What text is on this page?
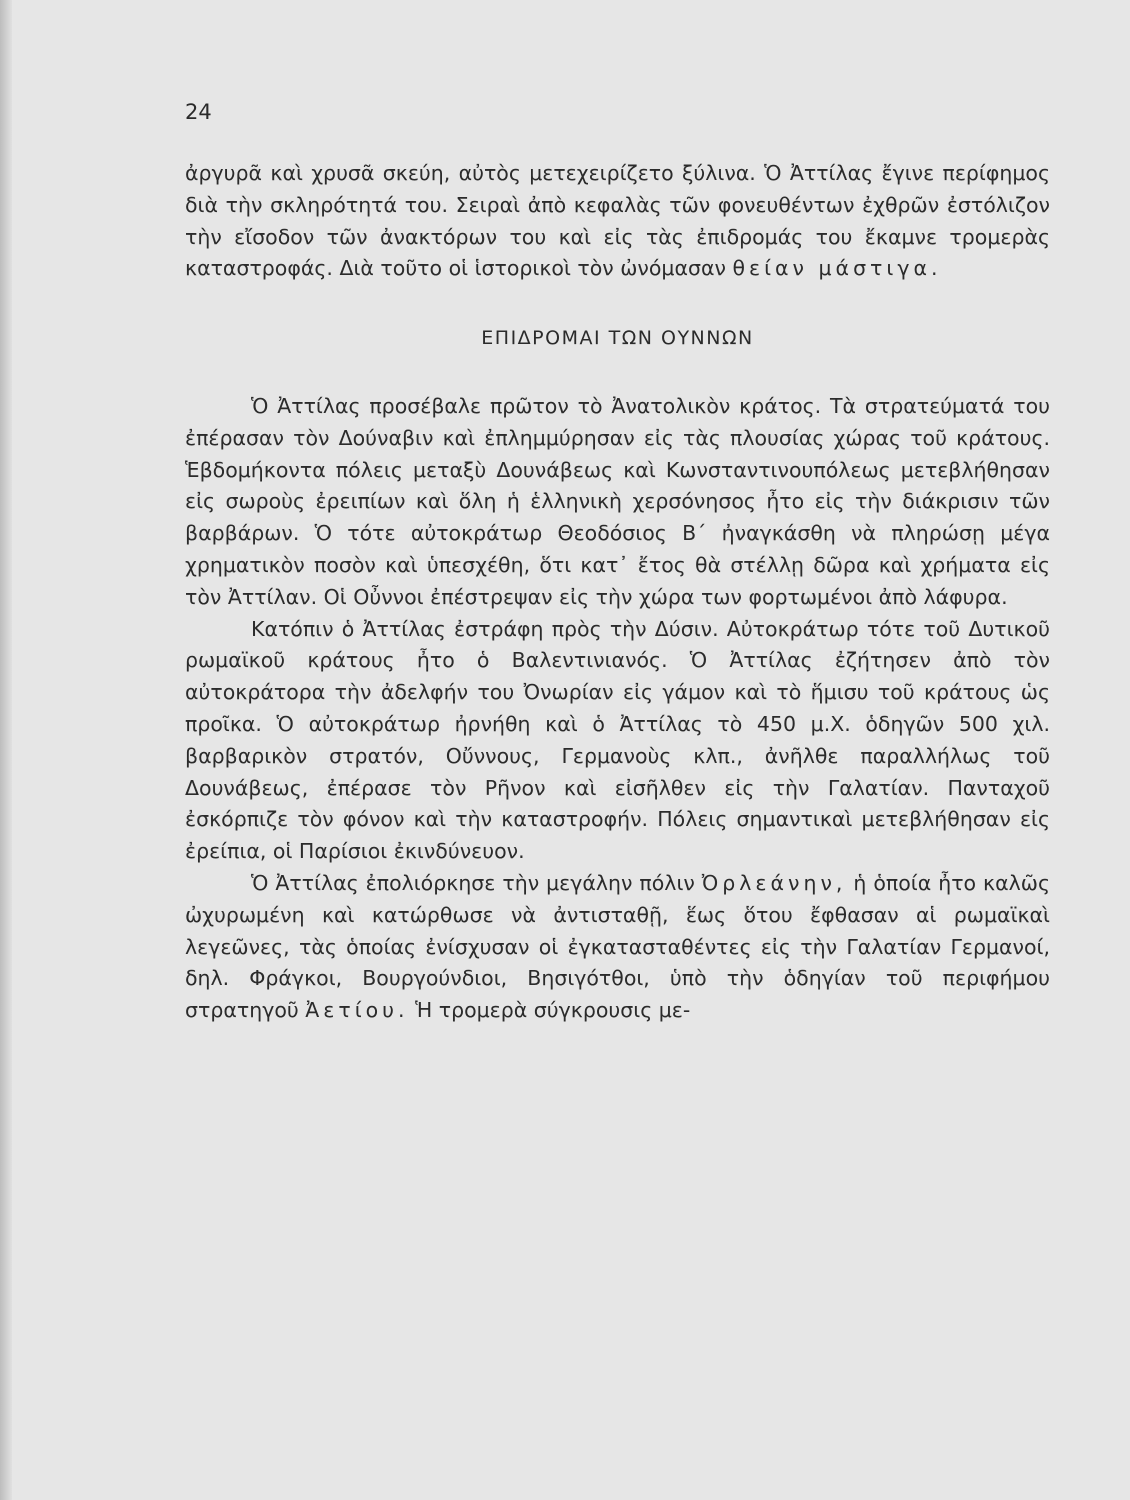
24

ἀργυρᾶ καὶ χρυσᾶ σκεύη, αὐτὸς μετεχειρίζετο ξύλινα. Ὁ Ἀττίλας ἔγινε περίφημος διὰ τὴν σκληρότητά του. Σειραὶ ἀπὸ κεφαλὰς τῶν φονευθέντων ἐχθρῶν ἐστόλιζον τὴν εἴσοδον τῶν ἀνακτόρων του καὶ εἰς τὰς ἐπιδρομάς του ἔκαμνε τρομερὰς καταστροφάς. Διὰ τοῦτο οἱ ἱστορικοὶ τὸν ὠνόμασαν θείαν μάστιγα.

ΕΠΙΔΡΟΜΑΙ ΤΩΝ ΟΥΝΝΩΝ

Ὁ Ἀττίλας προσέβαλε πρῶτον τὸ Ἀνατολικὸν κράτος. Τὰ στρατεύματά του ἐπέρασαν τὸν Δούναβιν καὶ ἐπλημμύρησαν εἰς τὰς πλουσίας χώρας τοῦ κράτους. Ἑβδομήκοντα πόλεις μεταξὺ Δουνάβεως καὶ Κωνσταντινουπόλεως μετεβλήθησαν εἰς σωροὺς ἐρειπίων καὶ ὅλη ἡ ἑλληνικὴ χερσόνησος ἦτο εἰς τὴν διάκρισιν τῶν βαρβάρων. Ὁ τότε αὐτοκράτωρ Θεοδόσιος Β´ ἠναγκάσθη νὰ πληρώσῃ μέγα χρηματικὸν ποσὸν καὶ ὑπεσχέθη, ὅτι κατ᾽ ἔτος θὰ στέλλῃ δῶρα καὶ χρήματα εἰς τὸν Ἀττίλαν. Οἱ Οὖννοι ἐπέστρεψαν εἰς τὴν χώρα των φορτωμένοι ἀπὸ λάφυρα.

Κατόπιν ὁ Ἀττίλας ἐστράφη πρὸς τὴν Δύσιν. Αὐτοκράτωρ τότε τοῦ Δυτικοῦ ρωμαϊκοῦ κράτους ἦτο ὁ Βαλεντινιανός. Ὁ Ἀττίλας ἐζήτησεν ἀπὸ τὸν αὐτοκράτορα τὴν ἀδελφήν του Ὀνωρίαν εἰς γάμον καὶ τὸ ἥμισυ τοῦ κράτους ὡς προῖκα. Ὁ αὐτοκράτωρ ἠρνήθη καὶ ὁ Ἀττίλας τὸ 450 μ.Χ. ὁδηγῶν 500 χιλ. βαρβαρικὸν στρατόν, Οὔννους, Γερμανοὺς κλπ., ἀνῆλθε παραλλήλως τοῦ Δουνάβεως, ἐπέρασε τὸν Ρῆνον καὶ εἰσῆλθεν εἰς τὴν Γαλατίαν. Πανταχοῦ ἐσκόρπιζε τὸν φόνον καὶ τὴν καταστροφήν. Πόλεις σημαντικαὶ μετεβλήθησαν εἰς ἐρείπια, οἱ Παρίσιοι ἐκινδύνευον.

Ὁ Ἀττίλας ἐπολιόρκησε τὴν μεγάλην πόλιν Ὀρλεάνην, ἡ ὁποία ἦτο καλῶς ὠχυρωμένη καὶ κατώρθωσε νὰ ἀντισταθῇ, ἕως ὅτου ἔφθασαν αἱ ρωμαϊκαὶ λεγεῶνες, τὰς ὁποίας ἐνίσχυσαν οἱ ἐγκατασταθέντες εἰς τὴν Γαλατίαν Γερμανοί, δηλ. Φράγκοι, Βουργούνδιοι, Βησιγότθοι, ὑπὸ τὴν ὁδηγίαν τοῦ περιφήμου στρατηγοῦ Ἀετίου. Ἡ τρομερὰ σύγκρουσις με-
